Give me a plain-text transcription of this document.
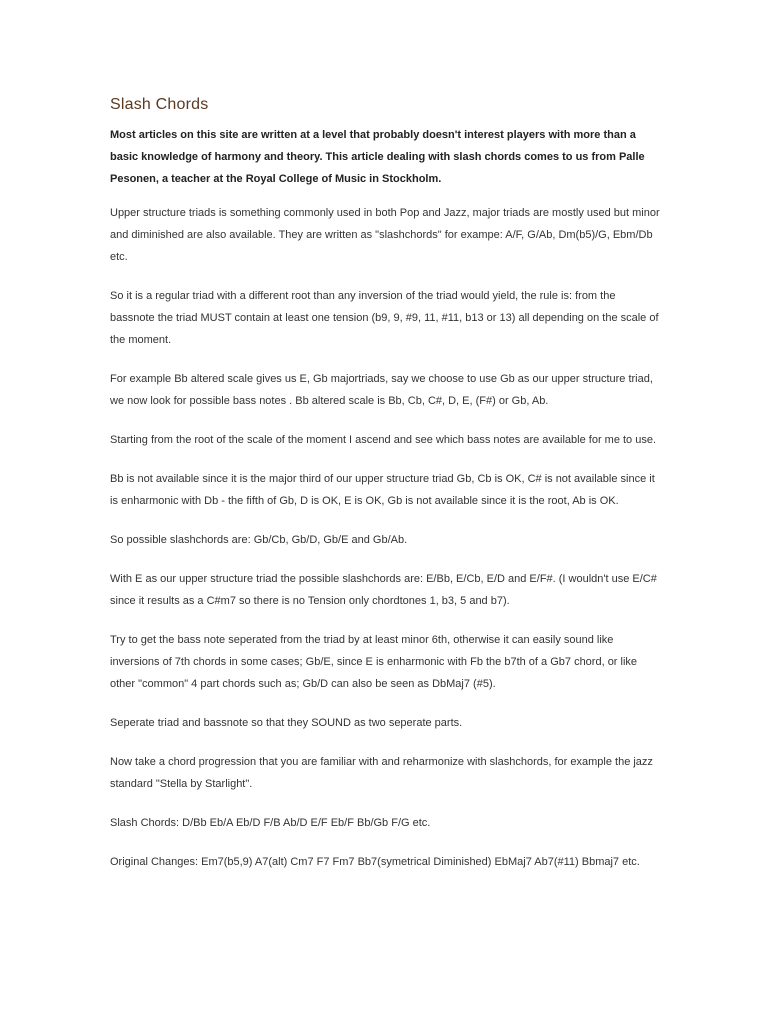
Slash Chords

Most articles on this site are written at a level that probably doesn't interest players with more than a basic knowledge of harmony and theory. This article dealing with slash chords comes to us from Palle Pesonen, a teacher at the Royal College of Music in Stockholm.

Upper structure triads is something commonly used in both Pop and Jazz, major triads are mostly used but minor and diminished are also available. They are written as "slashchords" for exampe: A/F, G/Ab, Dm(b5)/G, Ebm/Db etc.

So it is a regular triad with a different root than any inversion of the triad would yield, the rule is: from the bassnote the triad MUST contain at least one tension (b9, 9, #9, 11, #11, b13 or 13) all depending on the scale of the moment.

For example Bb altered scale gives us E, Gb majortriads, say we choose to use Gb as our upper structure triad, we now look for possible bass notes . Bb altered scale is Bb, Cb, C#, D, E, (F#) or Gb, Ab.

Starting from the root of the scale of the moment I ascend and see which bass notes are available for me to use.

Bb is not available since it is the major third of our upper structure triad Gb, Cb is OK, C# is not available since it is enharmonic with Db - the fifth of Gb, D is OK, E is OK, Gb is not available since it is the root, Ab is OK.

So possible slashchords are: Gb/Cb, Gb/D, Gb/E and Gb/Ab.

With E as our upper structure triad the possible slashchords are: E/Bb, E/Cb, E/D and E/F#. (I wouldn't use E/C# since it results as a C#m7 so there is no Tension only chordtones 1, b3, 5 and b7).

Try to get the bass note seperated from the triad by at least minor 6th, otherwise it can easily sound like inversions of 7th chords in some cases; Gb/E, since E is enharmonic with Fb the b7th of a Gb7 chord, or like other "common" 4 part chords such as; Gb/D can also be seen as DbMaj7 (#5).

Seperate triad and bassnote so that they SOUND as two seperate parts.

Now take a chord progression that you are familiar with and reharmonize with slashchords, for example the jazz standard "Stella by Starlight".

Slash Chords: D/Bb Eb/A Eb/D F/B Ab/D E/F Eb/F Bb/Gb F/G etc.

Original Changes: Em7(b5,9) A7(alt) Cm7 F7 Fm7 Bb7(symetrical Diminished) EbMaj7 Ab7(#11) Bbmaj7 etc.
